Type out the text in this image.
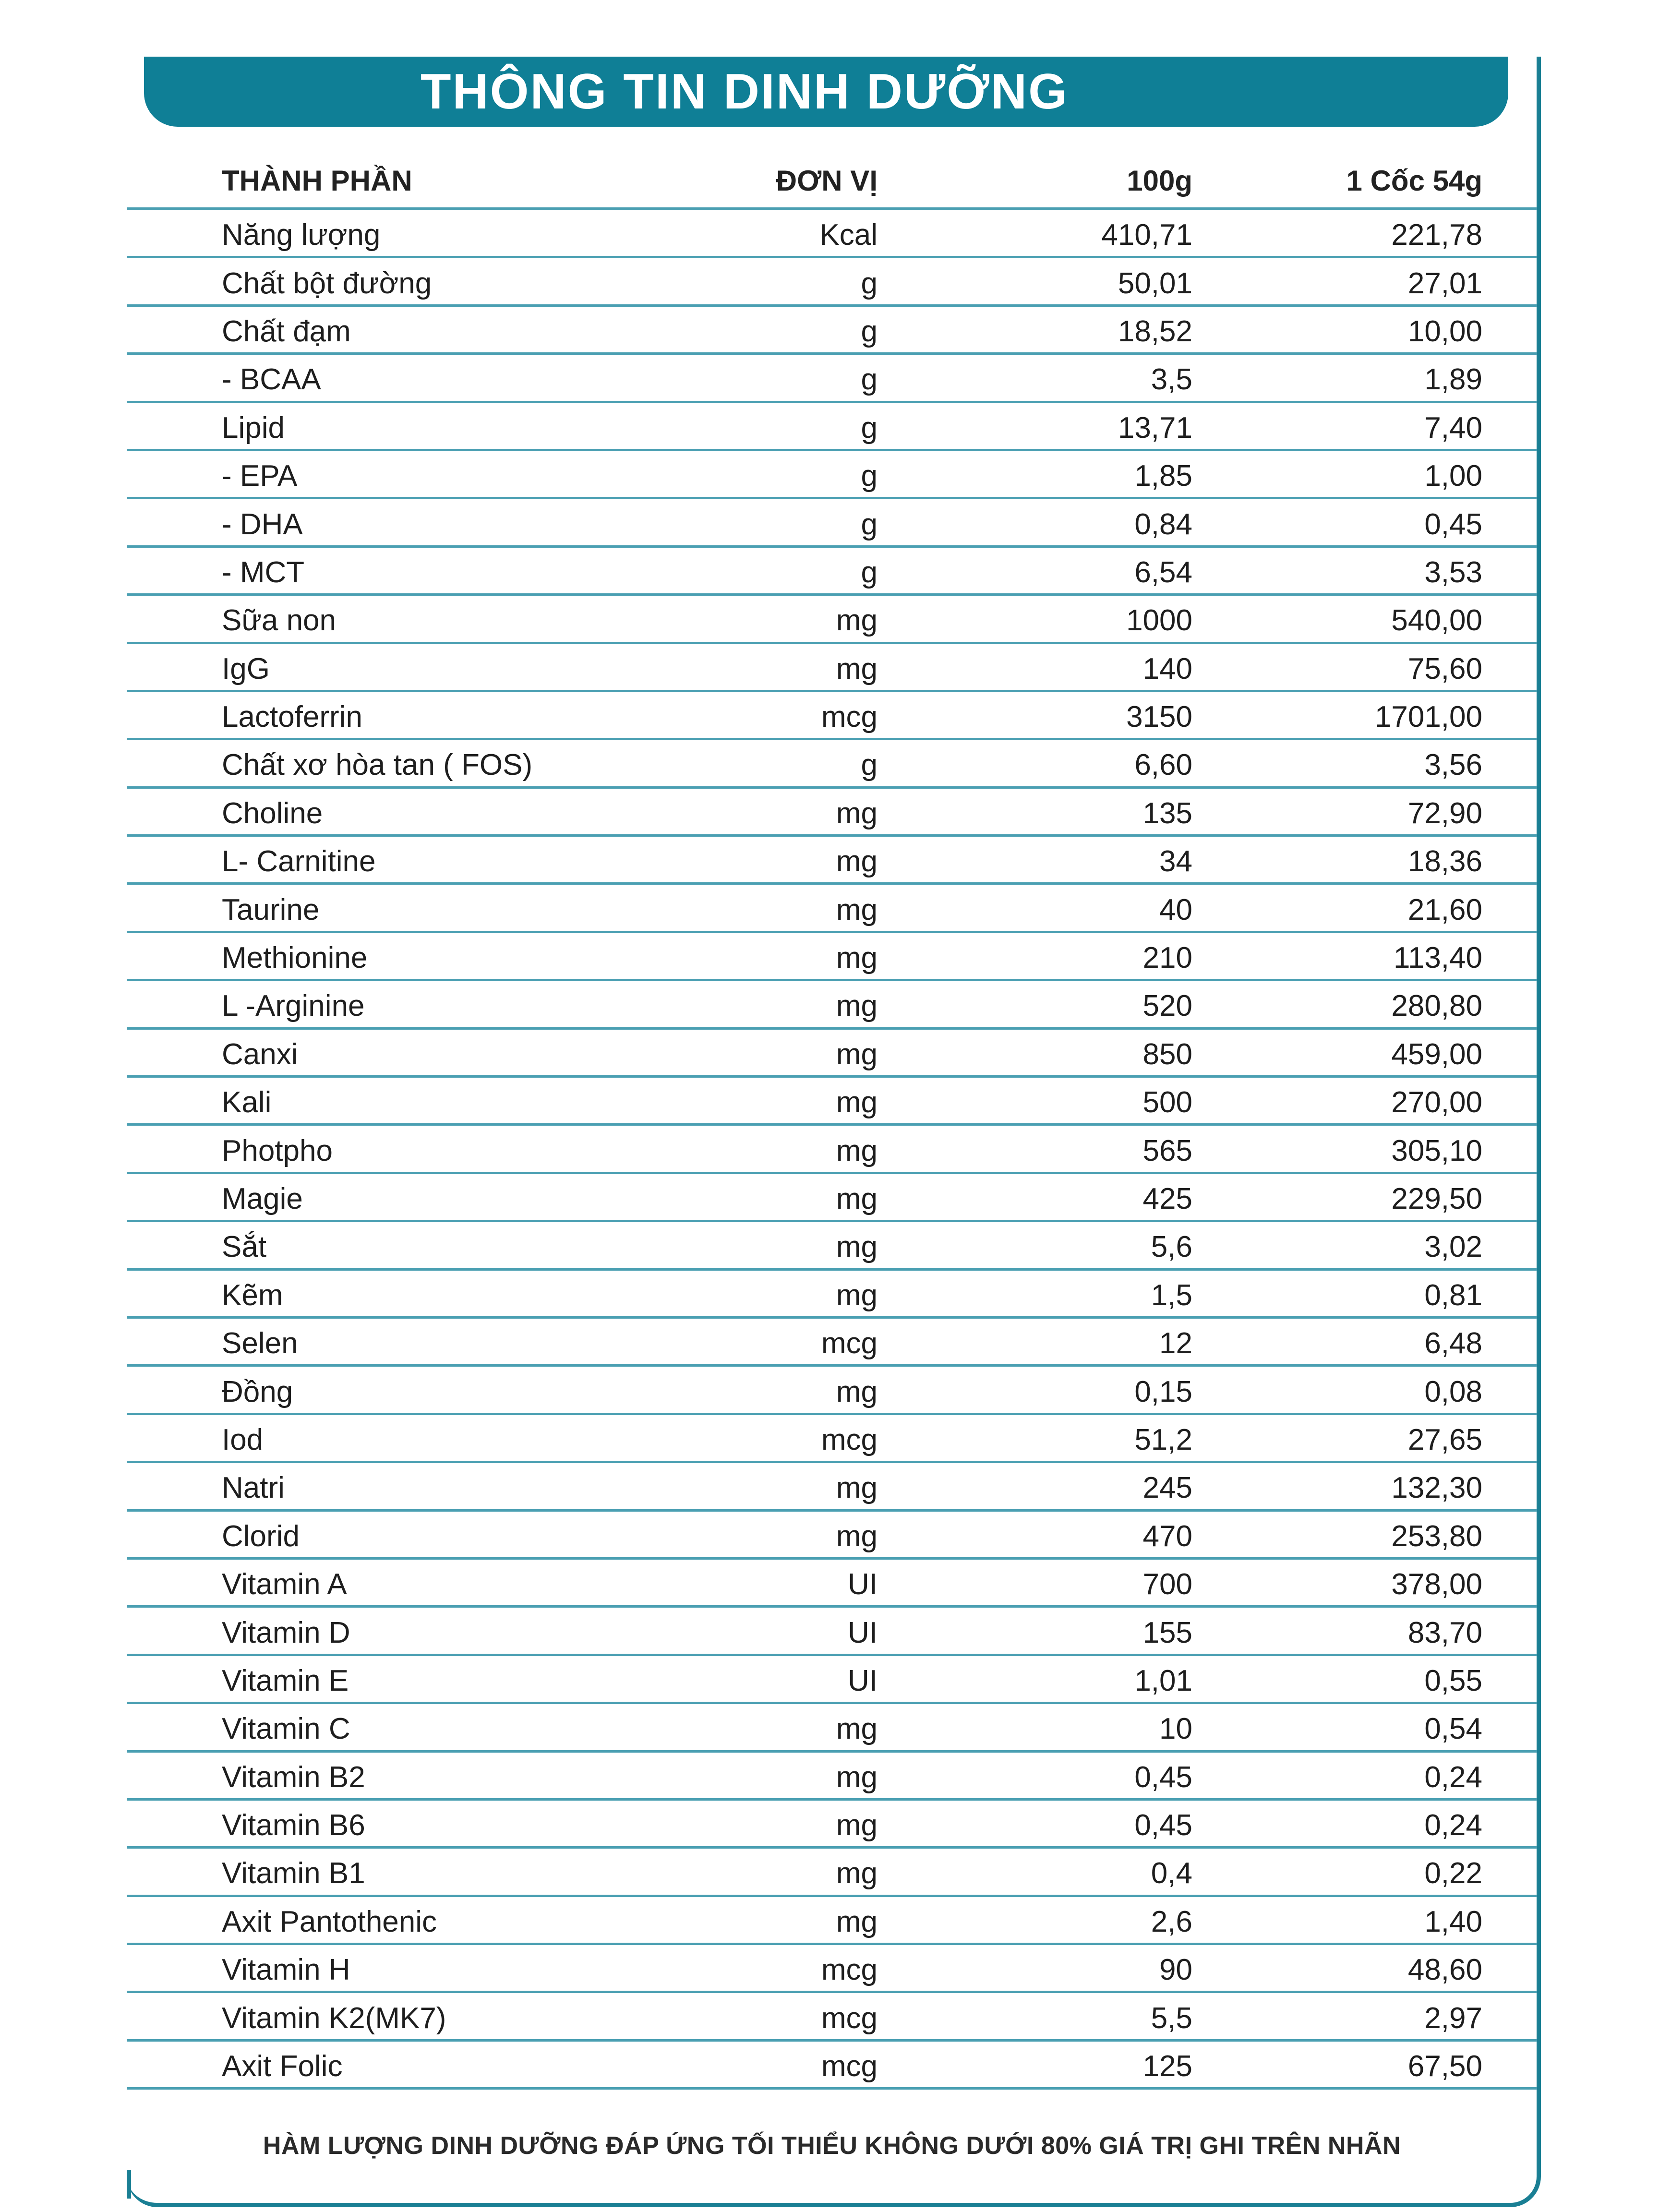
THÔNG TIN DINH DƯỠNG
THÀNH PHẦN	ĐƠN VỊ	100g	1 Cốc 54g
Năng lượng	Kcal	410,71	221,78
Chất bột đường	g	50,01	27,01
Chất đạm	g	18,52	10,00
- BCAA	g	3,5	1,89
Lipid	g	13,71	7,40
- EPA	g	1,85	1,00
- DHA	g	0,84	0,45
- MCT	g	6,54	3,53
Sữa non	mg	1000	540,00
IgG	mg	140	75,60
Lactoferrin	mcg	3150	1701,00
Chất xơ hòa tan ( FOS)	g	6,60	3,56
Choline	mg	135	72,90
L- Carnitine	mg	34	18,36
Taurine	mg	40	21,60
Methionine	mg	210	113,40
L -Arginine	mg	520	280,80
Canxi	mg	850	459,00
Kali	mg	500	270,00
Photpho	mg	565	305,10
Magie	mg	425	229,50
Sắt	mg	5,6	3,02
Kẽm	mg	1,5	0,81
Selen	mcg	12	6,48
Đồng	mg	0,15	0,08
Iod	mcg	51,2	27,65
Natri	mg	245	132,30
Clorid	mg	470	253,80
Vitamin A	UI	700	378,00
Vitamin D	UI	155	83,70
Vitamin E	UI	1,01	0,55
Vitamin C	mg	10	0,54
Vitamin B2	mg	0,45	0,24
Vitamin B6	mg	0,45	0,24
Vitamin B1	mg	0,4	0,22
Axit Pantothenic	mg	2,6	1,40
Vitamin H	mcg	90	48,60
Vitamin K2(MK7)	mcg	5,5	2,97
Axit Folic	mcg	125	67,50
HÀM LƯỢNG DINH DƯỠNG ĐÁP ỨNG TỐI THIỂU KHÔNG DƯỚI 80% GIÁ TRỊ GHI TRÊN NHÃN
